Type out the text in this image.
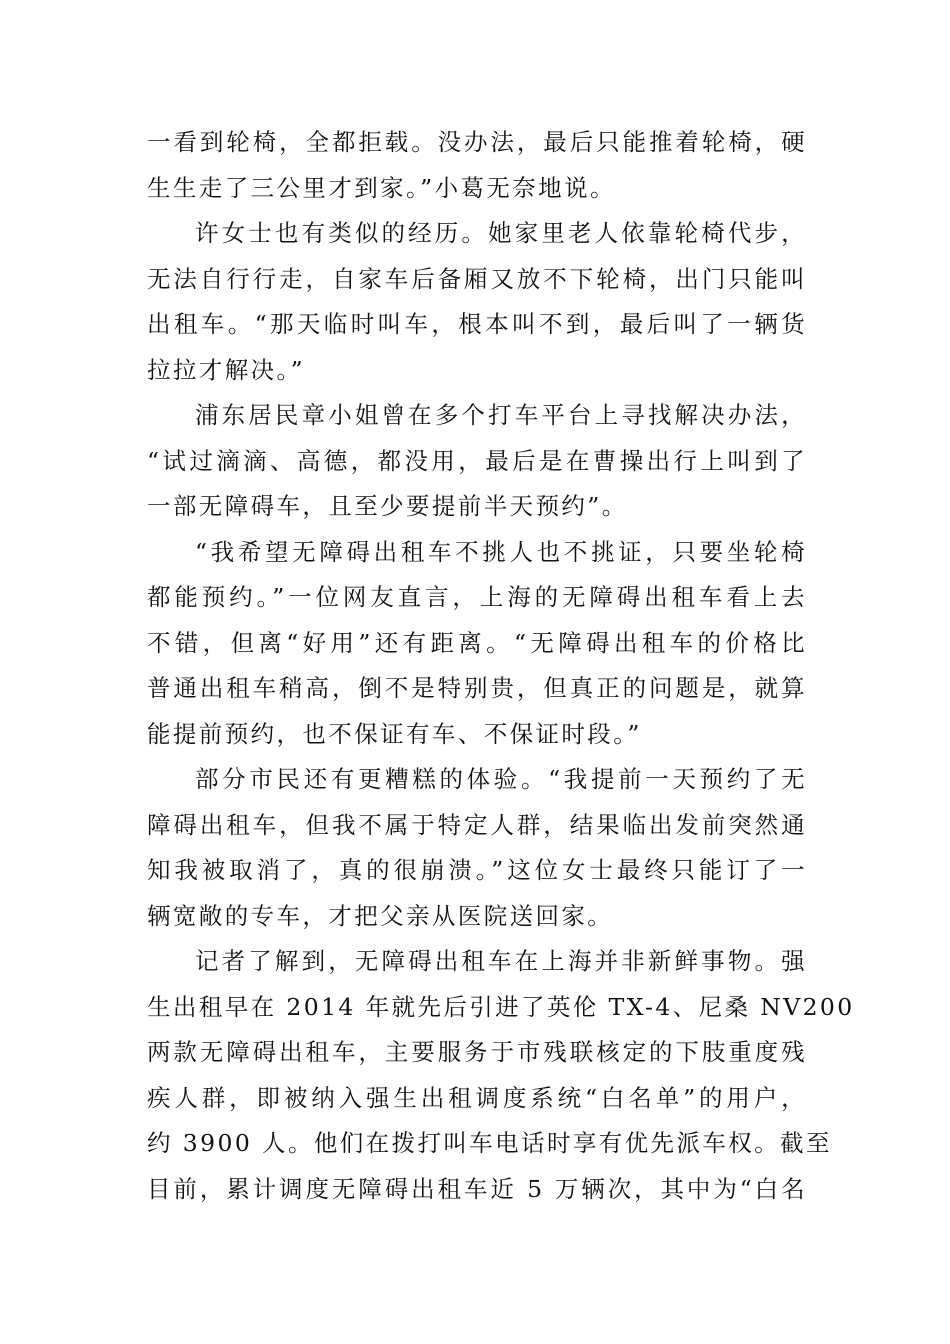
一看到轮椅，全都拒载。没办法，最后只能推着轮椅，硬
生生走了三公里才到家。”小葛无奈地说。
许女士也有类似的经历。她家里老人依靠轮椅代步，
无法自行行走，自家车后备厢又放不下轮椅，出门只能叫
出租车。“那天临时叫车，根本叫不到，最后叫了一辆货
拉拉才解决。”
浦东居民章小姐曾在多个打车平台上寻找解决办法，
“试过滴滴、高德，都没用，最后是在曹操出行上叫到了
一部无障碍车，且至少要提前半天预约”。
“我希望无障碍出租车不挑人也不挑证，只要坐轮椅
都能预约。”一位网友直言，上海的无障碍出租车看上去
不错，但离“好用”还有距离。“无障碍出租车的价格比
普通出租车稍高，倒不是特别贵，但真正的问题是，就算
能提前预约，也不保证有车、不保证时段。”
部分市民还有更糟糕的体验。“我提前一天预约了无
障碍出租车，但我不属于特定人群，结果临出发前突然通
知我被取消了，真的很崩溃。”这位女士最终只能订了一
辆宽敞的专车，才把父亲从医院送回家。
记者了解到，无障碍出租车在上海并非新鲜事物。强
生出租早在 2014 年就先后引进了英伦 TX-4、尼桑 NV200
两款无障碍出租车，主要服务于市残联核定的下肢重度残
疾人群，即被纳入强生出租调度系统“白名单”的用户，
约 3900 人。他们在拨打叫车电话时享有优先派车权。截至
目前，累计调度无障碍出租车近 5 万辆次，其中为“白名
